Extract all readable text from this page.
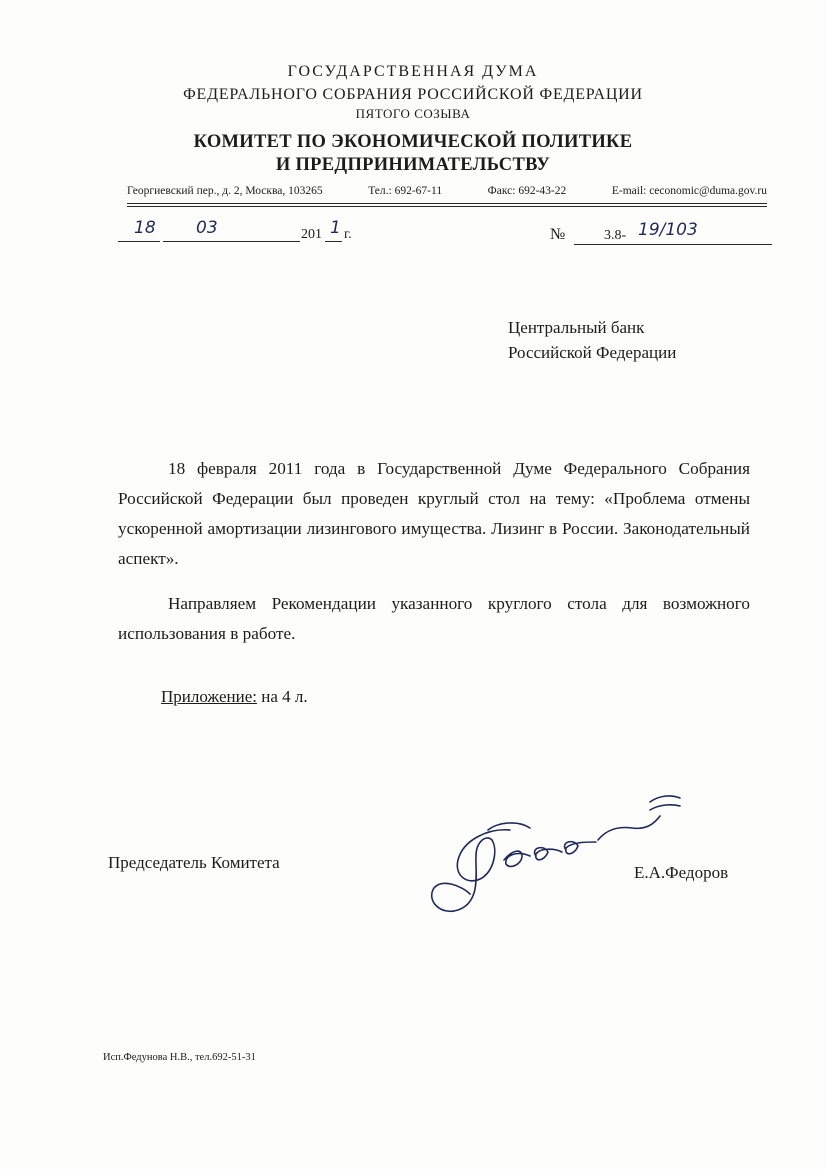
ГОСУДАРСТВЕННАЯ ДУМА
ФЕДЕРАЛЬНОГО СОБРАНИЯ РОССИЙСКОЙ ФЕДЕРАЦИИ
ПЯТОГО СОЗЫВА
КОМИТЕТ ПО ЭКОНОМИЧЕСКОЙ ПОЛИТИКЕ
И ПРЕДПРИНИМАТЕЛЬСТВУ
Георгиевский пер., д. 2, Москва, 103265	Тел.: 692-67-11	Факс: 692-43-22	E-mail: ceconomic@duma.gov.ru
18 03	201 1 г.	№	3.8- 19/103
Центральный банк
Российской Федерации
18 февраля 2011 года в Государственной Думе Федерального Собрания Российской Федерации был проведен круглый стол на тему: «Проблема отмены ускоренной амортизации лизингового имущества. Лизинг в России. Законодательный аспект».
Направляем Рекомендации указанного круглого стола для возможного использования в работе.
Приложение: на 4 л.
Председатель Комитета
Е.А.Федоров
Исп.Федунова Н.В., тел.692-51-31
